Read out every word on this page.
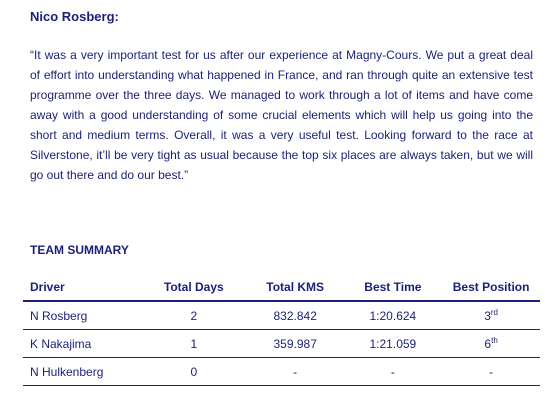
Nico Rosberg:

“It was a very important test for us after our experience at Magny-Cours. We put a great deal of effort into understanding what happened in France, and ran through quite an extensive test programme over the three days. We managed to work through a lot of items and have come away with a good understanding of some crucial elements which will help us going into the short and medium terms. Overall, it was a very useful test. Looking forward to the race at Silverstone, it’ll be very tight as usual because the top six places are always taken, but we will go out there and do our best.”

TEAM SUMMARY
Driver	Total Days	Total KMS	Best Time	Best Position
N Rosberg	2	832.842	1:20.624	3rd
K Nakajima	1	359.987	1:21.059	6th
N Hulkenberg	0	-	-	-
